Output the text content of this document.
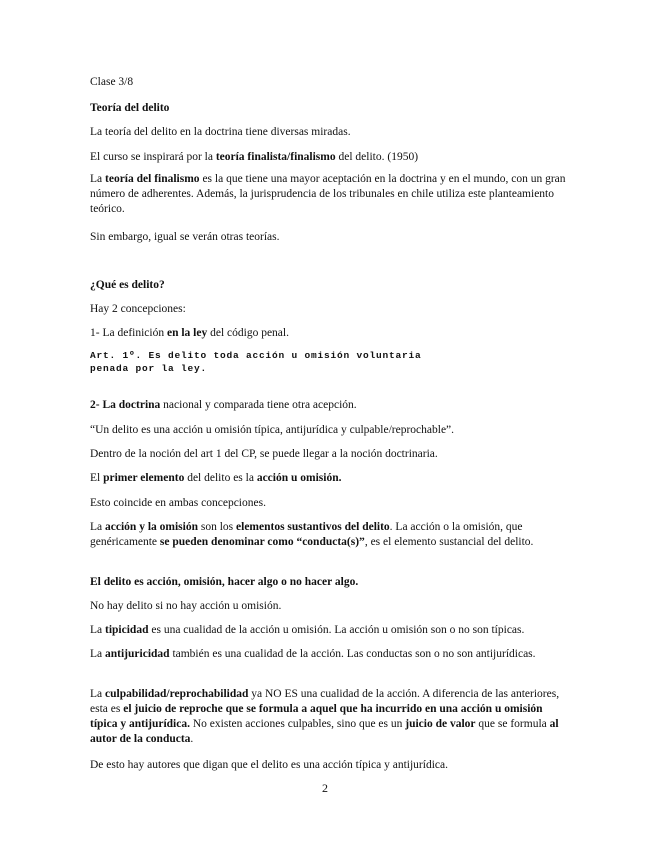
Clase 3/8

Teoría del delito

La teoría del delito en la doctrina tiene diversas miradas.

El curso se inspirará por la teoría finalista/finalismo del delito. (1950)

La teoría del finalismo es la que tiene una mayor aceptación en la doctrina y en el mundo, con un gran número de adherentes. Además, la jurisprudencia de los tribunales en chile utiliza este planteamiento teórico.

Sin embargo, igual se verán otras teorías.

¿Qué es delito?

Hay 2 concepciones:

1- La definición en la ley del código penal.

Art. 1º. Es delito toda acción u omisión voluntaria
penada por la ley.

2- La doctrina nacional y comparada tiene otra acepción.

“Un delito es una acción u omisión típica, antijurídica y culpable/reprochable”.

Dentro de la noción del art 1 del CP, se puede llegar a la noción doctrinaria.

El primer elemento del delito es la acción u omisión.

Esto coincide en ambas concepciones.

La acción y la omisión son los elementos sustantivos del delito. La acción o la omisión, que genéricamente se pueden denominar como “conducta(s)”, es el elemento sustancial del delito.

El delito es acción, omisión, hacer algo o no hacer algo.

No hay delito si no hay acción u omisión.

La tipicidad es una cualidad de la acción u omisión. La acción u omisión son o no son típicas.

La antijuricidad también es una cualidad de la acción. Las conductas son o no son antijurídicas.

La culpabilidad/reprochabilidad ya NO ES una cualidad de la acción. A diferencia de las anteriores, esta es el juicio de reproche que se formula a aquel que ha incurrido en una acción u omisión típica y antijurídica. No existen acciones culpables, sino que es un juicio de valor que se formula al autor de la conducta.

De esto hay autores que digan que el delito es una acción típica y antijurídica.

2
